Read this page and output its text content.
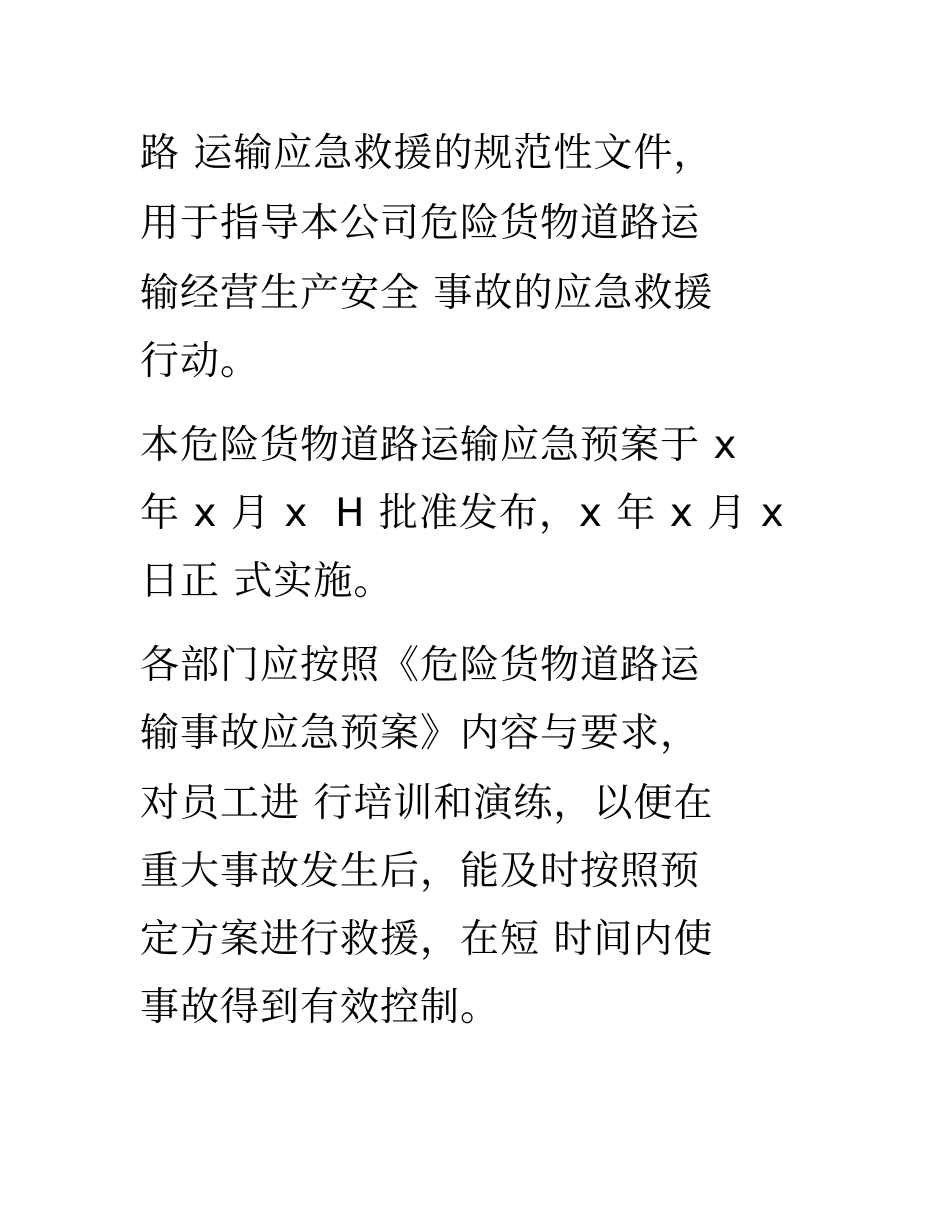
路 运输应急救援的规范性文件，
用于指导本公司危险货物道路运
输经营生产安全 事故的应急救援
行动。
本危险货物道路运输应急预案于 x
年 x 月 x  H 批准发布，x 年 x 月 x
日正 式实施。
各部门应按照《危险货物道路运
输事故应急预案》内容与要求，
对员工进 行培训和演练，以便在
重大事故发生后，能及时按照预
定方案进行救援，在短 时间内使
事故得到有效控制。
